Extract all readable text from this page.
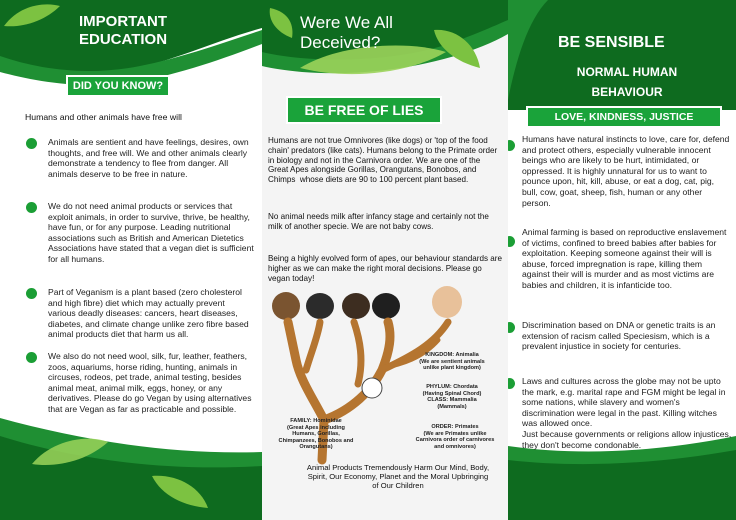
IMPORTANT
EDUCATION
DID YOU KNOW?
Humans and other animals have free will
Animals are sentient and have feelings, desires, own thoughts, and free will. We and other animals clearly demonstrate a tendency to flee from danger. All animals deserve to be free in nature.
We do not need animal products or services that exploit animals, in order to survive, thrive, be healthy, have fun, or for any purpose. Leading nutritional associations such as British and American Dietetics Associations have stated that a vegan diet is sufficient for all humans.
Part of Veganism is a plant based (zero cholesterol and high fibre) diet which may actually prevent various deadly diseases: cancers, heart diseases, diabetes, and climate change unlike zero fibre based animal products diet that harm us all.
We also do not need wool, silk, fur, leather, feathers, zoos, aquariums, horse riding, hunting, animals in circuses, rodeos, pet trade, animal testing, besides animal meat, animal milk, eggs, honey, or any derivatives. Please do go Vegan by using alternatives that are Vegan as far as practicable and possible.
Were We All
Deceived?
BE FREE OF LIES
Humans are not true Omnivores (like dogs) or 'top of the food chain' predators (like cats). Humans belong to the Primate order in biology and not in the Carnivora order. We are one of the Great Apes alongside Gorillas, Orangutans, Bonobos, and Chimps  whose diets are 90 to 100 percent plant based.
No animal needs milk after infancy stage and certainly not the milk of another specie. We are not baby cows.
Being a highly evolved form of apes, our behaviour standards are higher as we can make the right moral decisions. Please go vegan today!
KINGDOM: Animalia
(We are sentient animals unlike plant kingdom)
PHYLUM: Chordata
(Having Spinal Chord)
CLASS: Mammalia
(Mammals)
ORDER: Primates
(We are Primates unlike Carnivora order of carnivores and omnivores)
FAMILY: Hominidae
(Great Apes including Humans, Gorillas, Chimpanzees, Bonobos and Orangutans)
Animal Products Tremendously Harm Our Mind, Body, Spirit, Our Economy, Planet and the Moral Upbringing of Our Children
BE SENSIBLE
NORMAL HUMAN
BEHAVIOUR
LOVE, KINDNESS, JUSTICE
Humans have natural instincts to love, care for, defend and protect others, especially vulnerable innocent beings who are likely to be hurt, intimidated, or oppressed. It is highly unnatural for us to want to pounce upon, hit, kill, abuse, or eat a dog, cat, pig, bull, cow, goat, sheep, fish, human or any other person.
Animal farming is based on reproductive enslavement of victims, confined to breed babies after babies for exploitation. Keeping someone against their will is abuse, forced impregnation is rape, killing them against their will is murder and as most victims are babies and children, it is infanticide too.
Discrimination based on DNA or genetic traits is an extension of racism called Speciesism, which is a prevalent injustice in society for centuries.
Laws and cultures across the globe may not be upto the mark, e.g. marital rape and FGM might be legal in some nations, while slavery and women's discrimination were legal in the past. Killing witches was allowed once.
Just because governments or religions allow injustices, they don't become condonable.
